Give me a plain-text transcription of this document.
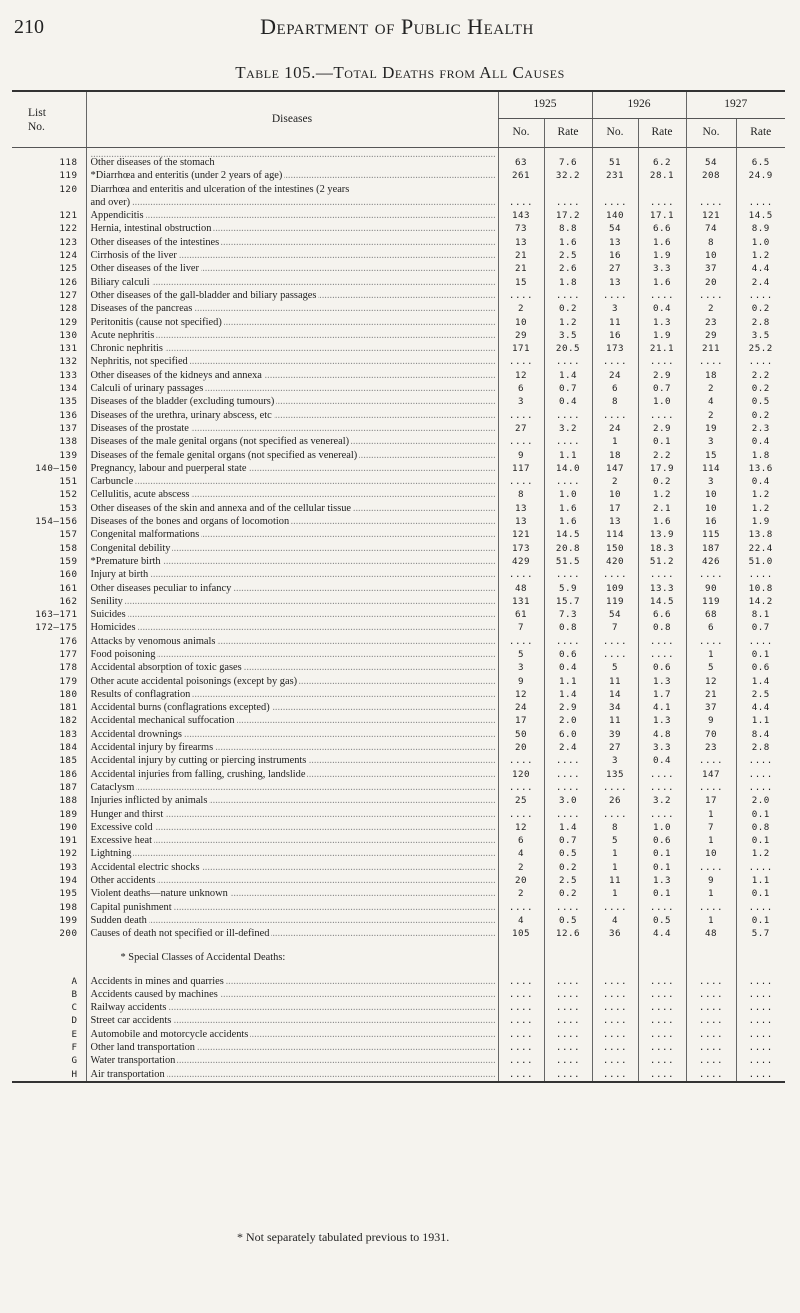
210	Department of Public Health
Table 105.—Total Deaths from All Causes
List
No.	Diseases	1925		1926		1927	
		No.	Rate	No.	Rate	No.	Rate
118	Other diseases of the stomach .....	63	7.6	51	6.2	54	6.5
119	*Diarrhœa and enteritis (under 2 years of age) .....	261	32.2	231	28.1	208	24.9
120	Diarrhœa and enteritis and ulceration of the intestines (2 years						
	and over) .....	....	....	....	....	....	....
121	Appendicitis .....	143	17.2	140	17.1	121	14.5
122	Hernia, intestinal obstruction .....	73	8.8	54	6.6	74	8.9
123	Other diseases of the intestines .....	13	1.6	13	1.6	8	1.0
124	Cirrhosis of the liver .....	21	2.5	16	1.9	10	1.2
125	Other diseases of the liver .....	21	2.6	27	3.3	37	4.4
126	Biliary calculi .....	15	1.8	13	1.6	20	2.4
127	Other diseases of the gall-bladder and biliary passages .....	....	....	....	....	....	....
128	Diseases of the pancreas .....	2	0.2	3	0.4	2	0.2
129	Peritonitis (cause not specified) .....	10	1.2	11	1.3	23	2.8
130	Acute nephritis .....	29	3.5	16	1.9	29	3.5
131	Chronic nephritis .....	171	20.5	173	21.1	211	25.2
132	Nephritis, not specified .....	....	....	....	....	....	....
133	Other diseases of the kidneys and annexa .....	12	1.4	24	2.9	18	2.2
134	Calculi of urinary passages .....	6	0.7	6	0.7	2	0.2
135	Diseases of the bladder (excluding tumours) .....	3	0.4	8	1.0	4	0.5
136	Diseases of the urethra, urinary abscess, etc .....	....	....	....	....	2	0.2
137	Diseases of the prostate .....	27	3.2	24	2.9	19	2.3
138	Diseases of the male genital organs (not specified as venereal) .....	....	....	1	0.1	3	0.4
139	Diseases of the female genital organs (not specified as venereal) .....	9	1.1	18	2.2	15	1.8
140–150	Pregnancy, labour and puerperal state .....	117	14.0	147	17.9	114	13.6
151	Carbuncle .....	....	....	2	0.2	3	0.4
152	Cellulitis, acute abscess .....	8	1.0	10	1.2	10	1.2
153	Other diseases of the skin and annexa and of the cellular tissue .....	13	1.6	17	2.1	10	1.2
154–156	Diseases of the bones and organs of locomotion .....	13	1.6	13	1.6	16	1.9
157	Congenital malformations .....	121	14.5	114	13.9	115	13.8
158	Congenital debility .....	173	20.8	150	18.3	187	22.4
159	*Premature birth .....	429	51.5	420	51.2	426	51.0
160	Injury at birth .....	....	....	....	....	....	....
161	Other diseases peculiar to infancy .....	48	5.9	109	13.3	90	10.8
162	Senility .....	131	15.7	119	14.5	119	14.2
163–171	Suicides .....	61	7.3	54	6.6	68	8.1
172–175	Homicides .....	7	0.8	7	0.8	6	0.7
176	Attacks by venomous animals .....	....	....	....	....	....	....
177	Food poisoning .....	5	0.6	....	....	1	0.1
178	Accidental absorption of toxic gases .....	3	0.4	5	0.6	5	0.6
179	Other acute accidental poisonings (except by gas) .....	9	1.1	11	1.3	12	1.4
180	Results of conflagration .....	12	1.4	14	1.7	21	2.5
181	Accidental burns (conflagrations excepted) .....	24	2.9	34	4.1	37	4.4
182	Accidental mechanical suffocation .....	17	2.0	11	1.3	9	1.1
183	Accidental drownings .....	50	6.0	39	4.8	70	8.4
184	Accidental injury by firearms .....	20	2.4	27	3.3	23	2.8
185	Accidental injury by cutting or piercing instruments .....	....	....	3	0.4	....	....
186	Accidental injuries from falling, crushing, landslide .....	120	....	135	....	147	....
187	Cataclysm .....	....	....	....	....	....	....
188	Injuries inflicted by animals .....	25	3.0	26	3.2	17	2.0
189	Hunger and thirst .....	....	....	....	....	1	0.1
190	Excessive cold .....	12	1.4	8	1.0	7	0.8
191	Excessive heat .....	6	0.7	5	0.6	1	0.1
192	Lightning .....	4	0.5	1	0.1	10	1.2
193	Accidental electric shocks .....	2	0.2	1	0.1	....	....
194	Other accidents .....	20	2.5	11	1.3	9	1.1
195	Violent deaths—nature unknown .....	2	0.2	1	0.1	1	0.1
198	Capital punishment .....	....	....	....	....	....	....
199	Sudden death .....	4	0.5	4	0.5	1	0.1
200	Causes of death not specified or ill-defined .....	105	12.6	36	4.4	48	5.7
	* Special Classes of Accidental Deaths:						
A	Accidents in mines and quarries .....	....	....	....	....	....	....
B	Accidents caused by machines .....	....	....	....	....	....	....
C	Railway accidents .....	....	....	....	....	....	....
D	Street car accidents .....	....	....	....	....	....	....
E	Automobile and motorcycle accidents .....	....	....	....	....	....	....
F	Other land transportation .....	....	....	....	....	....	....
G	Water transportation .....	....	....	....	....	....	....
H	Air transportation .....	....	....	....	....	....	....
* Not separately tabulated previous to 1931.
